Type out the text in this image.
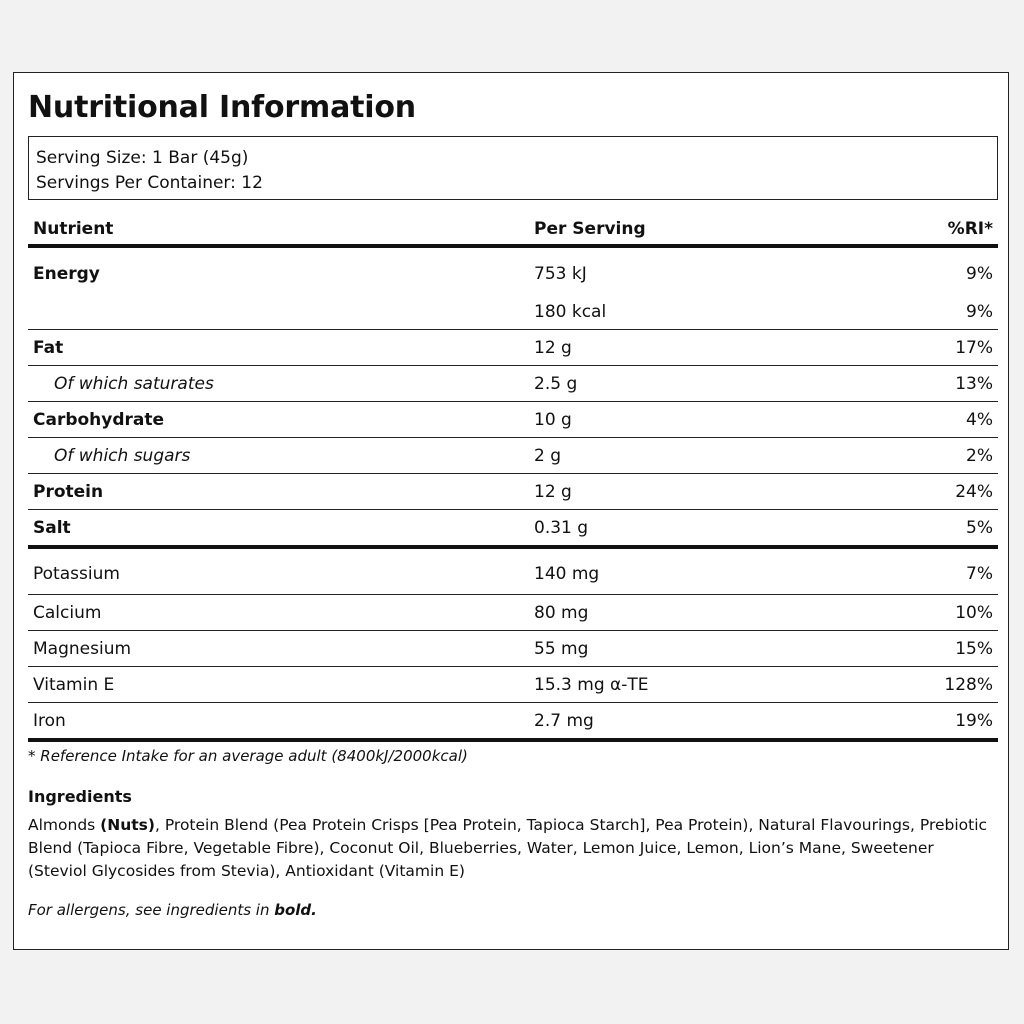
Nutritional Information
Serving Size: 1 Bar (45g)
Servings Per Container: 12
Nutrient	Per Serving	%RI*
Energy	753 kJ	9%
	180 kcal	9%
Fat	12 g	17%
Of which saturates	2.5 g	13%
Carbohydrate	10 g	4%
Of which sugars	2 g	2%
Protein	12 g	24%
Salt	0.31 g	5%
Potassium	140 mg	7%
Calcium	80 mg	10%
Magnesium	55 mg	15%
Vitamin E	15.3 mg α-TE	128%
Iron	2.7 mg	19%

* Reference Intake for an average adult (8400kJ/2000kcal)

Ingredients

Almonds (Nuts), Protein Blend (Pea Protein Crisps [Pea Protein, Tapioca Starch], Pea Protein), Natural Flavourings, Prebiotic Blend (Tapioca Fibre, Vegetable Fibre), Coconut Oil, Blueberries, Water, Lemon Juice, Lemon, Lion’s Mane, Sweetener (Steviol Glycosides from Stevia), Antioxidant (Vitamin E)

For allergens, see ingredients in bold.
